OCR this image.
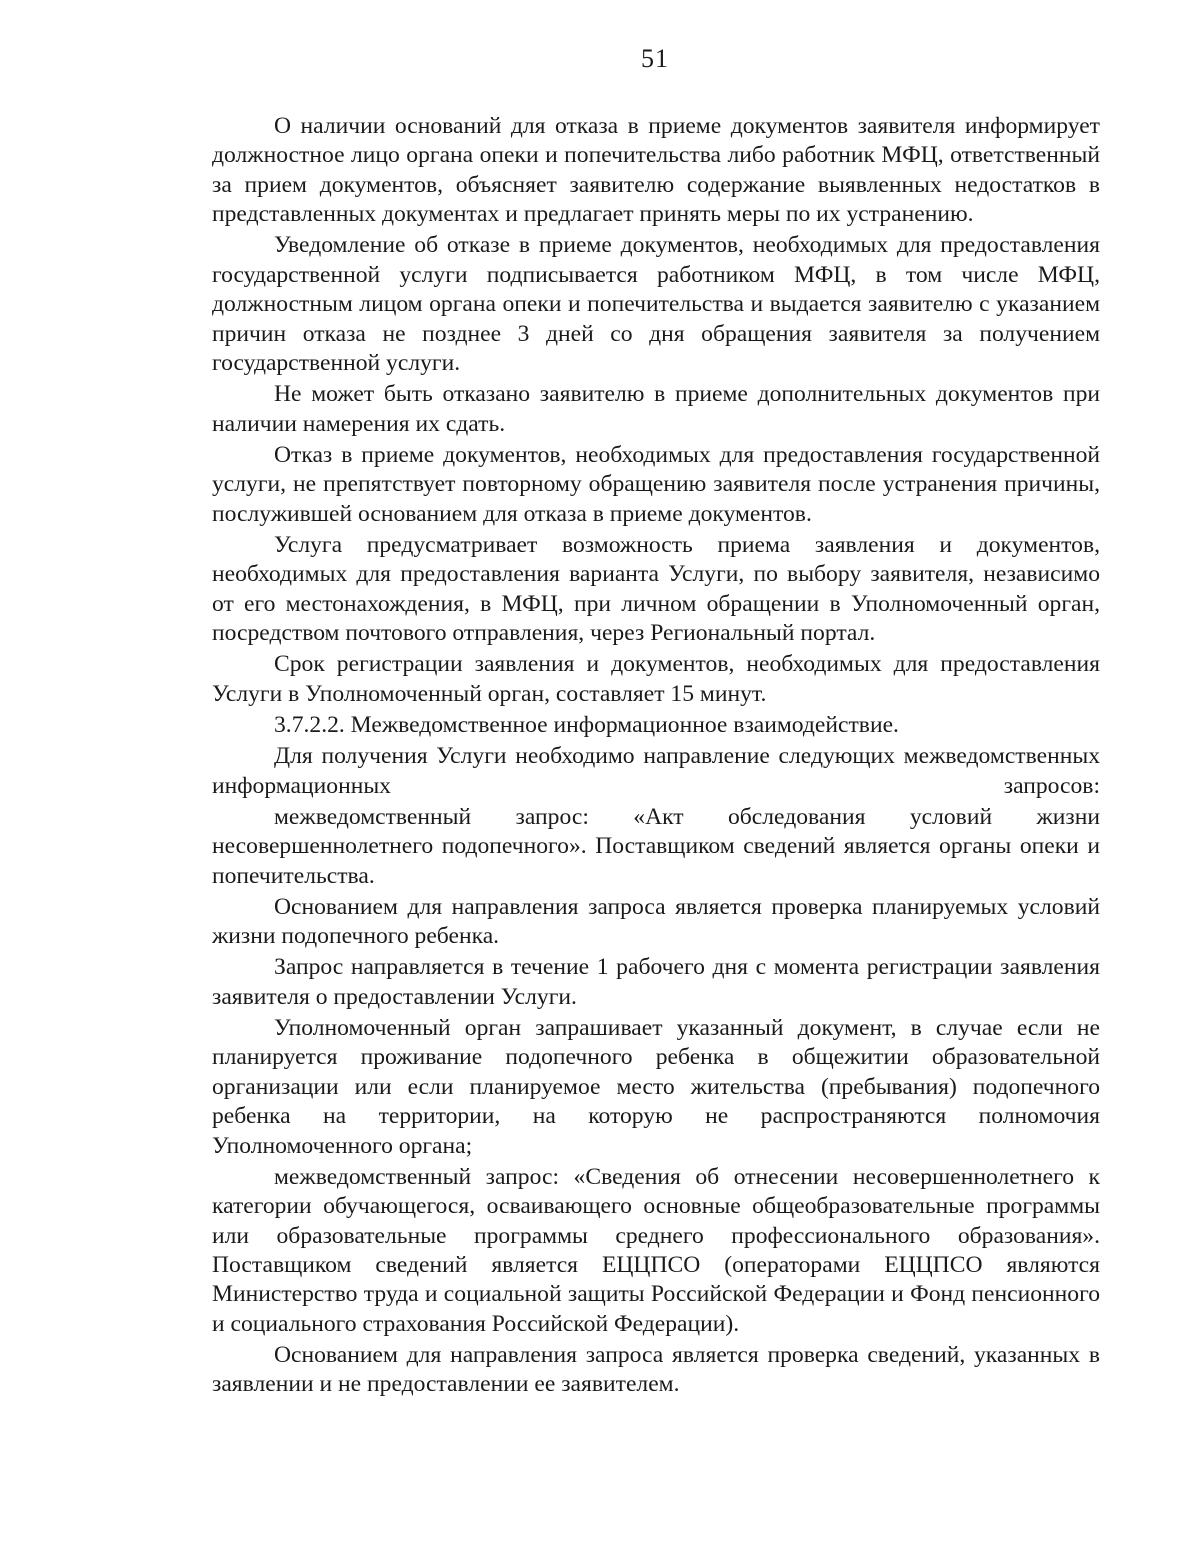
51

О наличии оснований для отказа в приеме документов заявителя информирует должностное лицо органа опеки и попечительства либо работник МФЦ, ответственный за прием документов, объясняет заявителю содержание выявленных недостатков в представленных документах и предлагает принять меры по их устранению.

Уведомление об отказе в приеме документов, необходимых для предоставления государственной услуги подписывается работником МФЦ, в том числе МФЦ, должностным лицом органа опеки и попечительства и выдается заявителю с указанием причин отказа не позднее 3 дней со дня обращения заявителя за получением государственной услуги.

Не может быть отказано заявителю в приеме дополнительных документов при наличии намерения их сдать.

Отказ в приеме документов, необходимых для предоставления государственной услуги, не препятствует повторному обращению заявителя после устранения причины, послужившей основанием для отказа в приеме документов.

Услуга предусматривает возможность приема заявления и документов, необходимых для предоставления варианта Услуги, по выбору заявителя, независимо от его местонахождения, в МФЦ, при личном обращении в Уполномоченный орган, посредством почтового отправления, через Региональный портал.

Срок регистрации заявления и документов, необходимых для предоставления Услуги в Уполномоченный орган, составляет 15 минут.

3.7.2.2. Межведомственное информационное взаимодействие.

Для получения Услуги необходимо направление следующих межведомственных информационных запросов:

межведомственный запрос: «Акт обследования условий жизни несовершеннолетнего подопечного». Поставщиком сведений является органы опеки и попечительства.

Основанием для направления запроса является проверка планируемых условий жизни подопечного ребенка.

Запрос направляется в течение 1 рабочего дня с момента регистрации заявления заявителя о предоставлении Услуги.

Уполномоченный орган запрашивает указанный документ, в случае если не планируется проживание подопечного ребенка в общежитии образовательной организации или если планируемое место жительства (пребывания) подопечного ребенка на территории, на которую не распространяются полномочия Уполномоченного органа;

межведомственный запрос: «Сведения об отнесении несовершеннолетнего к категории обучающегося, осваивающего основные общеобразовательные программы или образовательные программы среднего профессионального образования». Поставщиком сведений является ЕЦЦПСО (операторами ЕЦЦПСО являются Министерство труда и социальной защиты Российской Федерации и Фонд пенсионного и социального страхования Российской Федерации).

Основанием для направления запроса является проверка сведений, указанных в заявлении и не предоставлении ее заявителем.
